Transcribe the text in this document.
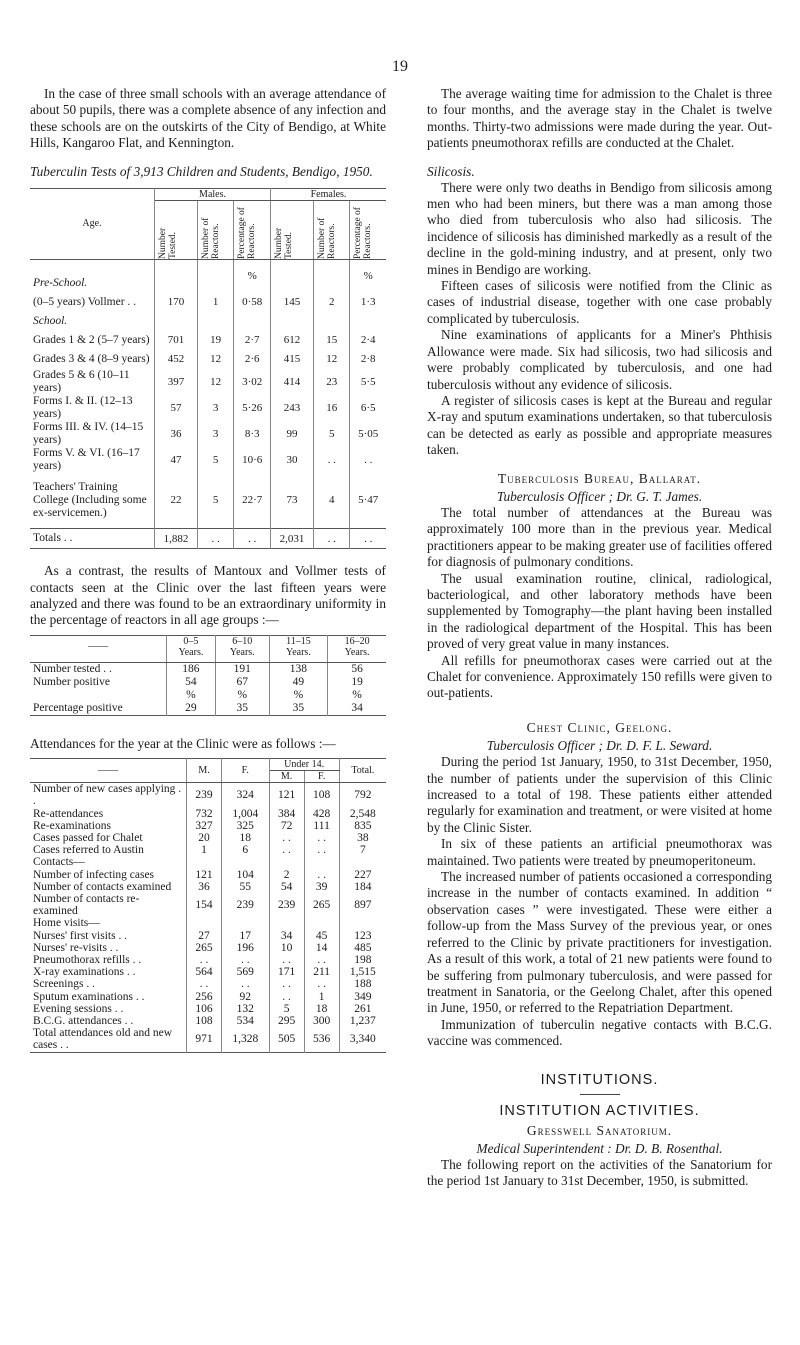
19

In the case of three small schools with an average attendance of about 50 pupils, there was a complete absence of any infection and these schools are on the outskirts of the City of Bendigo, at White Hills, Kangaroo Flat, and Kennington.

Tuberculin Tests of 3,913 Children and Students, Bendigo, 1950.
Age.	Males.			Females.		

	Number Tested.	Number of Reactors.	Percentage of Reactors.	Number Tested.	Number of Reactors.	Percentage of Reactors.

Pre-School.			%			%
(0–5 years) Vollmer . .	170	1	0·58	145	2	1·3
School.						
Grades 1 & 2 (5–7 years)	701	19	2·7	612	15	2·4
Grades 3 & 4 (8–9 years)	452	12	2·6	415	12	2·8
Grades 5 & 6 (10–11 years)	397	12	3·02	414	23	5·5
Forms I. & II. (12–13 years)	57	3	5·26	243	16	6·5
Forms III. & IV. (14–15 years)	36	3	8·3	99	5	5·05
Forms V. & VI. (16–17 years)	47	5	10·6	30	. .	. .
Teachers' Training College (Including some ex-servicemen.)	22	5	22·7	73	4	5·47
Totals . .	1,882	. .	. .	2,031	. .	. .

As a contrast, the results of Mantoux and Vollmer tests of contacts seen at the Clinic over the last fifteen years were analyzed and there was found to be an extraordinary uniformity in the percentage of reactors in all age groups :—

——	0–5 Years.	6–10 Years.	11–15 Years.	16–20 Years.
Number tested . .	186	191	138	56
Number positive	54	67	49	19
	%	%	%	%
Percentage positive	29	35	35	34

Attendances for the year at the Clinic were as follows :—

——	M.	F.	Under 14.		Total.
			M.	F.	
Number of new cases applying . .	239	324	121	108	792
Re-attendances	732	1,004	384	428	2,548
Re-examinations	327	325	72	111	835
Cases passed for Chalet	20	18	. .	. .	38
Cases referred to Austin	1	6	. .	. .	7
Contacts—					
Number of infecting cases	121	104	2	. .	227
Number of contacts examined	36	55	54	39	184
Number of contacts re-examined	154	239	239	265	897
Home visits—					
Nurses' first visits . .	27	17	34	45	123
Nurses' re-visits . .	265	196	10	14	485
Pneumothorax refills . .	. .	. .	. .	. .	198
X-ray examinations . .	564	569	171	211	1,515
Screenings . .	. .	. .	. .	. .	188
Sputum examinations . .	256	92	. .	1	349
Evening sessions . .	106	132	5	18	261
B.C.G. attendances . .	108	534	295	300	1,237
Total attendances old and new cases . .	971	1,328	505	536	3,340

The average waiting time for admission to the Chalet is three to four months, and the average stay in the Chalet is twelve months. Thirty-two admissions were made during the year. Out-patients pneumothorax refills are conducted at the Chalet.

Silicosis.

There were only two deaths in Bendigo from silicosis among men who had been miners, but there was a man among those who died from tuberculosis who also had silicosis. The incidence of silicosis has diminished markedly as a result of the decline in the gold-mining industry, and at present, only two mines in Bendigo are working.

Fifteen cases of silicosis were notified from the Clinic as cases of industrial disease, together with one case probably complicated by tuberculosis.

Nine examinations of applicants for a Miner's Phthisis Allowance were made. Six had silicosis, two had silicosis and were probably complicated by tuberculosis, and one had tuberculosis without any evidence of silicosis.

A register of silicosis cases is kept at the Bureau and regular X-ray and sputum examinations undertaken, so that tuberculosis can be detected as early as possible and appropriate measures taken.

Tuberculosis Bureau, Ballarat.

Tuberculosis Officer ; Dr. G. T. James.

The total number of attendances at the Bureau was approximately 100 more than in the previous year. Medical practitioners appear to be making greater use of facilities offered for diagnosis of pulmonary conditions.

The usual examination routine, clinical, radiological, bacteriological, and other laboratory methods have been supplemented by Tomography—the plant having been installed in the radiological department of the Hospital. This has been proved of very great value in many instances.

All refills for pneumothorax cases were carried out at the Chalet for convenience. Approximately 150 refills were given to out-patients.

Chest Clinic, Geelong.

Tuberculosis Officer ; Dr. D. F. L. Seward.

During the period 1st January, 1950, to 31st December, 1950, the number of patients under the supervision of this Clinic increased to a total of 198. These patients either attended regularly for examination and treatment, or were visited at home by the Clinic Sister.

In six of these patients an artificial pneumothorax was maintained. Two patients were treated by pneumoperitoneum.

The increased number of patients occasioned a corresponding increase in the number of contacts examined. In addition “ observation cases ” were investigated. These were either a follow-up from the Mass Survey of the previous year, or ones referred to the Clinic by private practitioners for investigation. As a result of this work, a total of 21 new patients were found to be suffering from pulmonary tuberculosis, and were passed for treatment in Sanatoria, or the Geelong Chalet, after this opened in June, 1950, or referred to the Repatriation Department.

Immunization of tuberculin negative contacts with B.C.G. vaccine was commenced.

INSTITUTIONS.
INSTITUTION ACTIVITIES.
Gresswell Sanatorium.

Medical Superintendent : Dr. D. B. Rosenthal.

The following report on the activities of the Sanatorium for the period 1st January to 31st December, 1950, is submitted.
